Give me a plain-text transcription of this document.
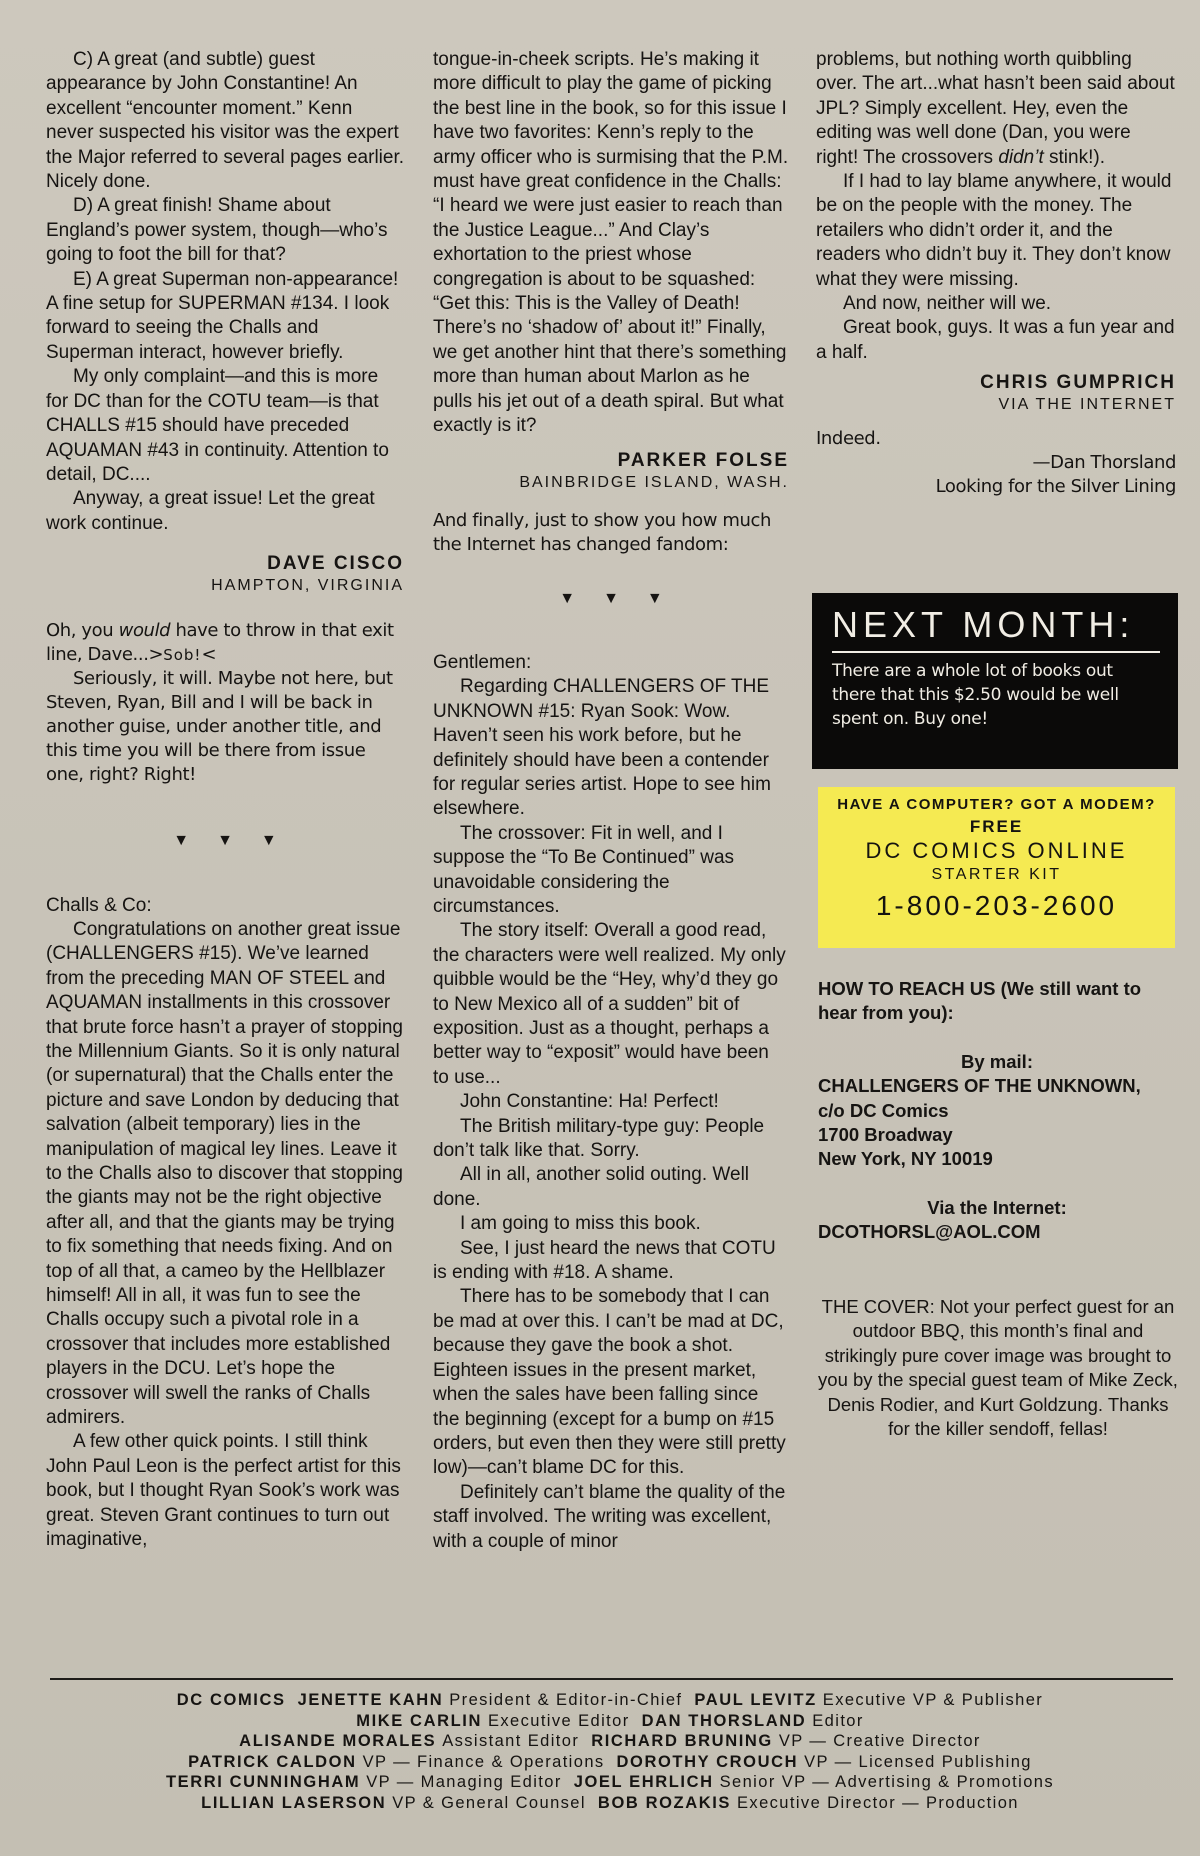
C) A great (and subtle) guest appearance by John Constantine! An excellent “encounter moment.” Kenn never suspected his visitor was the expert the Major referred to several pages earlier. Nicely done.

D) A great finish! Shame about England’s power system, though—who’s going to foot the bill for that?

E) A great Superman non-appearance! A fine setup for SUPERMAN #134. I look forward to seeing the Challs and Superman interact, however briefly.

My only complaint—and this is more for DC than for the COTU team—is that CHALLS #15 should have preceded AQUAMAN #43 in continuity. Attention to detail, DC....

Anyway, a great issue! Let the great work continue.

DAVE CISCO
HAMPTON, VIRGINIA

Oh, you would have to throw in that exit line, Dave...>Sob!<

Seriously, it will. Maybe not here, but Steven, Ryan, Bill and I will be back in another guise, under another title, and this time you will be there from issue one, right? Right!

▼▼▼

Challs & Co:

Congratulations on another great issue (CHALLENGERS #15). We’ve learned from the preceding MAN OF STEEL and AQUAMAN installments in this crossover that brute force hasn’t a prayer of stopping the Millennium Giants. So it is only natural (or supernatural) that the Challs enter the picture and save London by deducing that salvation (albeit temporary) lies in the manipulation of magical ley lines. Leave it to the Challs also to discover that stopping the giants may not be the right objective after all, and that the giants may be trying to fix something that needs fixing. And on top of all that, a cameo by the Hellblazer himself! All in all, it was fun to see the Challs occupy such a pivotal role in a crossover that includes more established players in the DCU. Let’s hope the crossover will swell the ranks of Challs admirers.

A few other quick points. I still think John Paul Leon is the perfect artist for this book, but I thought Ryan Sook’s work was great. Steven Grant continues to turn out imaginative,

tongue-in-cheek scripts. He’s making it more difficult to play the game of picking the best line in the book, so for this issue I have two favorites: Kenn’s reply to the army officer who is surmising that the P.M. must have great confidence in the Challs: “I heard we were just easier to reach than the Justice League...” And Clay’s exhortation to the priest whose congregation is about to be squashed: “Get this: This is the Valley of Death! There’s no ‘shadow of’ about it!” Finally, we get another hint that there’s something more than human about Marlon as he pulls his jet out of a death spiral. But what exactly is it?

PARKER FOLSE
BAINBRIDGE ISLAND, WASH.

And finally, just to show you how much the Internet has changed fandom:

▼▼▼

Gentlemen:

Regarding CHALLENGERS OF THE UNKNOWN #15: Ryan Sook: Wow. Haven’t seen his work before, but he definitely should have been a contender for regular series artist. Hope to see him elsewhere.

The crossover: Fit in well, and I suppose the “To Be Continued” was unavoidable considering the circumstances.

The story itself: Overall a good read, the characters were well realized. My only quibble would be the “Hey, why’d they go to New Mexico all of a sudden” bit of exposition. Just as a thought, perhaps a better way to “exposit” would have been to use...

John Constantine: Ha! Perfect!

The British military-type guy: People don’t talk like that. Sorry.

All in all, another solid outing. Well done.

I am going to miss this book.

See, I just heard the news that COTU is ending with #18. A shame.

There has to be somebody that I can be mad at over this. I can’t be mad at DC, because they gave the book a shot. Eighteen issues in the present market, when the sales have been falling since the beginning (except for a bump on #15 orders, but even then they were still pretty low)—can’t blame DC for this.

Definitely can’t blame the quality of the staff involved. The writing was excellent, with a couple of minor

problems, but nothing worth quibbling over. The art...what hasn’t been said about JPL? Simply excellent. Hey, even the editing was well done (Dan, you were right! The crossovers didn’t stink!).

If I had to lay blame anywhere, it would be on the people with the money. The retailers who didn’t order it, and the readers who didn’t buy it. They don’t know what they were missing.

And now, neither will we.

Great book, guys. It was a fun year and a half.

CHRIS GUMPRICH
VIA THE INTERNET

Indeed.

—Dan Thorsland

Looking for the Silver Lining

NEXT MONTH:
There are a whole lot of books out there that this $2.50 would be well spent on. Buy one!
HAVE A COMPUTER? GOT A MODEM?
FREE
DC COMICS ONLINE
STARTER KIT
1-800-203-2600

HOW TO REACH US (We still want to hear from you):

By mail:

CHALLENGERS OF THE UNKNOWN,

c/o DC Comics

1700 Broadway

New York, NY 10019

Via the Internet:

DCOTHORSL@AOL.COM

THE COVER: Not your perfect guest for an outdoor BBQ, this month’s final and strikingly pure cover image was brought to you by the special guest team of Mike Zeck, Denis Rodier, and Kurt Goldzung. Thanks for the killer sendoff, fellas!
DC COMICS JENETTE KAHN President & Editor-in-Chief PAUL LEVITZ Executive VP & Publisher
MIKE CARLIN Executive Editor DAN THORSLAND Editor
ALISANDE MORALES Assistant Editor RICHARD BRUNING VP — Creative Director
PATRICK CALDON VP — Finance & Operations DOROTHY CROUCH VP — Licensed Publishing
TERRI CUNNINGHAM VP — Managing Editor JOEL EHRLICH Senior VP — Advertising & Promotions
LILLIAN LASERSON VP & General Counsel BOB ROZAKIS Executive Director — Production
